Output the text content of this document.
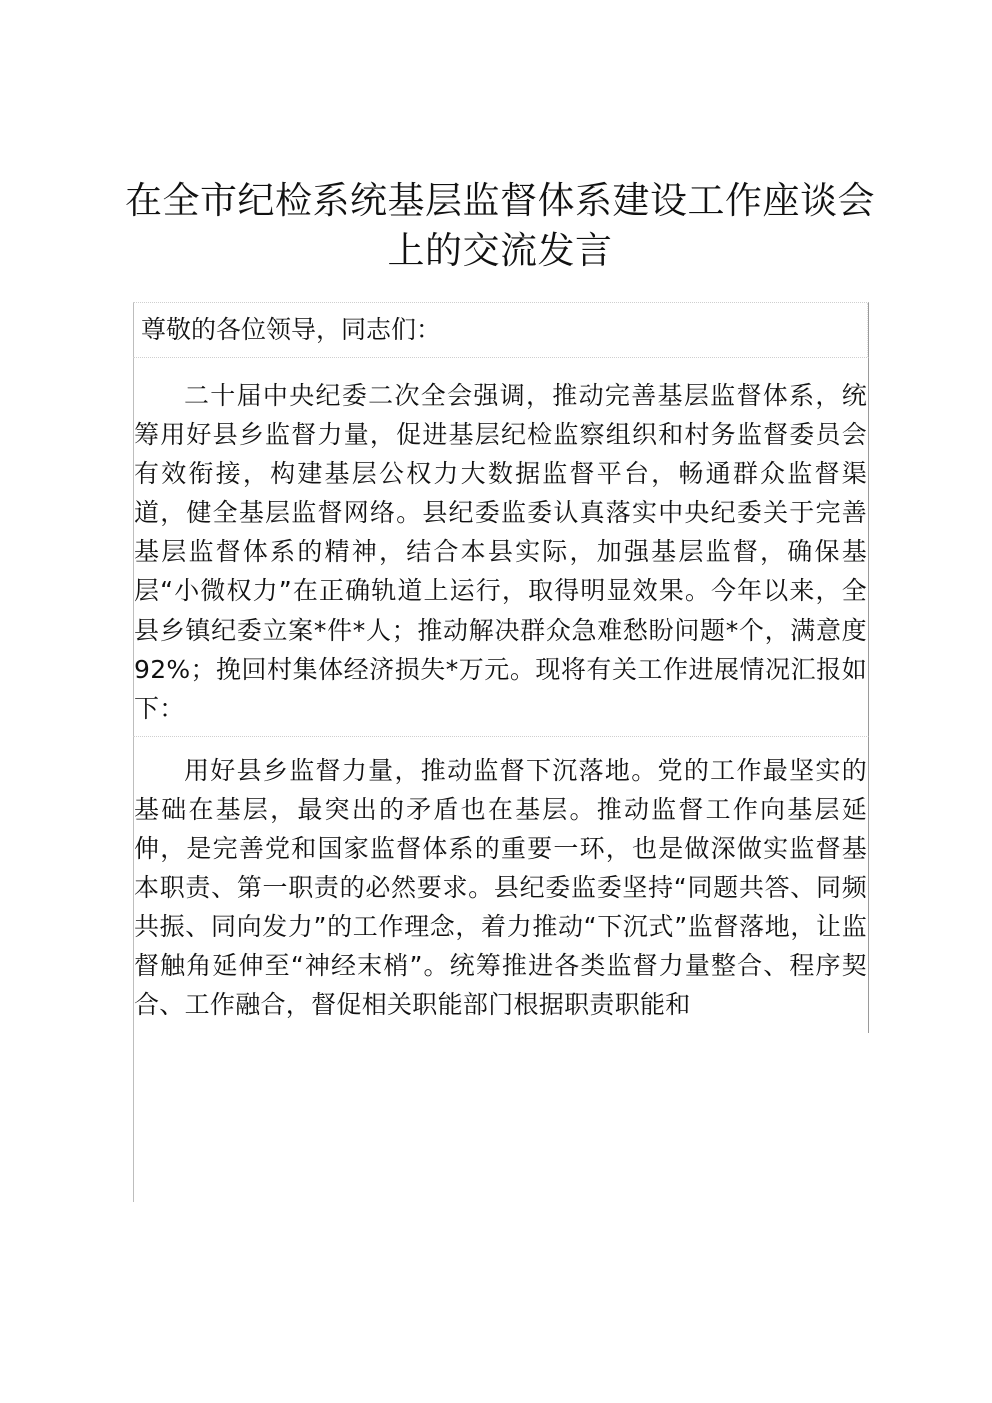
在全市纪检系统基层监督体系建设工作座谈会上的交流发言
尊敬的各位领导，同志们：
二十届中央纪委二次全会强调，推动完善基层监督体系，统筹用好县乡监督力量，促进基层纪检监察组织和村务监督委员会有效衔接，构建基层公权力大数据监督平台，畅通群众监督渠道，健全基层监督网络。县纪委监委认真落实中央纪委关于完善基层监督体系的精神，结合本县实际，加强基层监督，确保基层“小微权力”在正确轨道上运行，取得明显效果。今年以来，全县乡镇纪委立案*件*人；推动解决群众急难愁盼问题*个，满意度92%；挽回村集体经济损失*万元。现将有关工作进展情况汇报如下：
用好县乡监督力量，推动监督下沉落地。党的工作最坚实的基础在基层，最突出的矛盾也在基层。推动监督工作向基层延伸，是完善党和国家监督体系的重要一环，也是做深做实监督基本职责、第一职责的必然要求。县纪委监委坚持“同题共答、同频共振、同向发力”的工作理念，着力推动“下沉式”监督落地，让监督触角延伸至“神经末梢”。统筹推进各类监督力量整合、程序契合、工作融合，督促相关职能部门根据职责职能和
